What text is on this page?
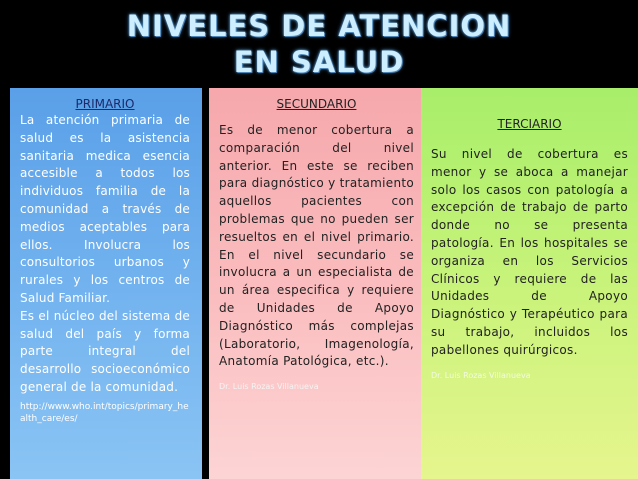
NIVELES DE ATENCION
EN SALUD
PRIMARIO

La atención primaria de salud es la asistencia sanitaria medica esencia accesible a todos los individuos familia de la comunidad a través de medios aceptables para ellos. Involucra los consultorios urbanos y rurales y los centros de Salud Familiar.

Es el núcleo del sistema de salud del país y forma parte integral del desarrollo socioeconómico general de la comunidad.

http://www.who.int/topics/primary_health_care/es/
SECUNDARIO

Es de menor cobertura a comparación del nivel anterior. En este se reciben para diagnóstico y tratamiento aquellos pacientes con problemas que no pueden ser resueltos en el nivel primario. En el nivel secundario se involucra a un especialista de un área especifica y requiere de Unidades de Apoyo Diagnóstico más complejas (Laboratorio, Imagenología, Anatomía Patológica, etc.).

Dr. Luis Rozas Villanueva
TERCIARIO

Su nivel de cobertura es menor y se aboca a manejar solo los casos con patología a excepción de trabajo de parto donde no se presenta patología. En los hospitales se organiza en los Servicios Clínicos y requiere de las Unidades de Apoyo Diagnóstico y Terapéutico para su trabajo, incluidos los pabellones quirúrgicos.

Dr. Luis Rozas Villanueva
